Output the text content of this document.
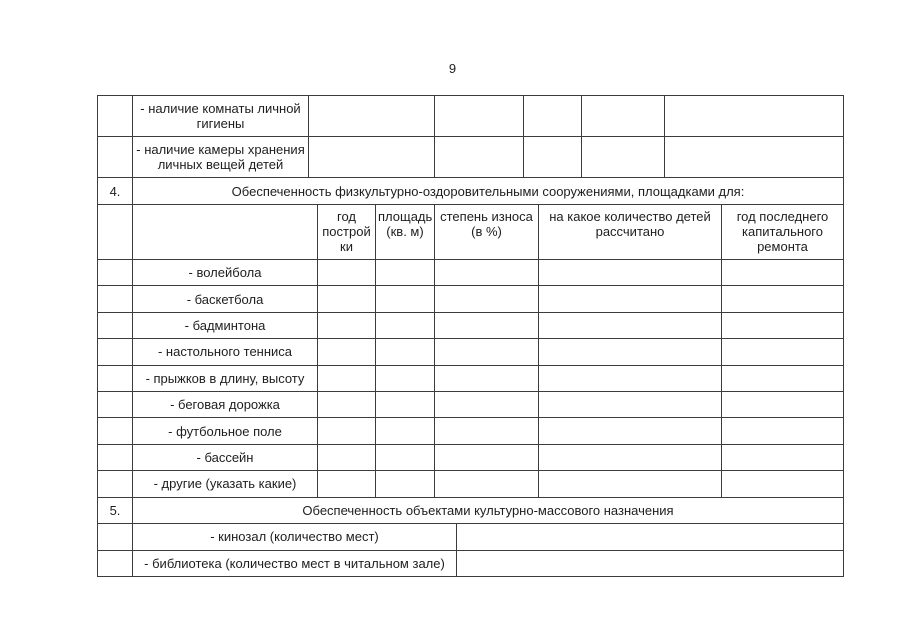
9
	- наличие комнаты личной гигиены					
	- наличие камеры хранения личных вещей детей					
4.	Обеспеченность физкультурно-оздоровительными сооружениями, площадками для:
		год постройки	площадь (кв. м)	степень износа (в %)	на какое количество детей рассчитано	год последнего капитального ремонта
	- волейбола					
	- баскетбола					
	- бадминтона					
	- настольного тенниса					
	- прыжков в длину, высоту					
	- беговая дорожка					
	- футбольное поле					
	- бассейн					
	- другие (указать какие)					
5.	Обеспеченность объектами культурно-массового назначения
	- кинозал (количество мест)	
	- библиотека (количество мест в читальном зале)	
